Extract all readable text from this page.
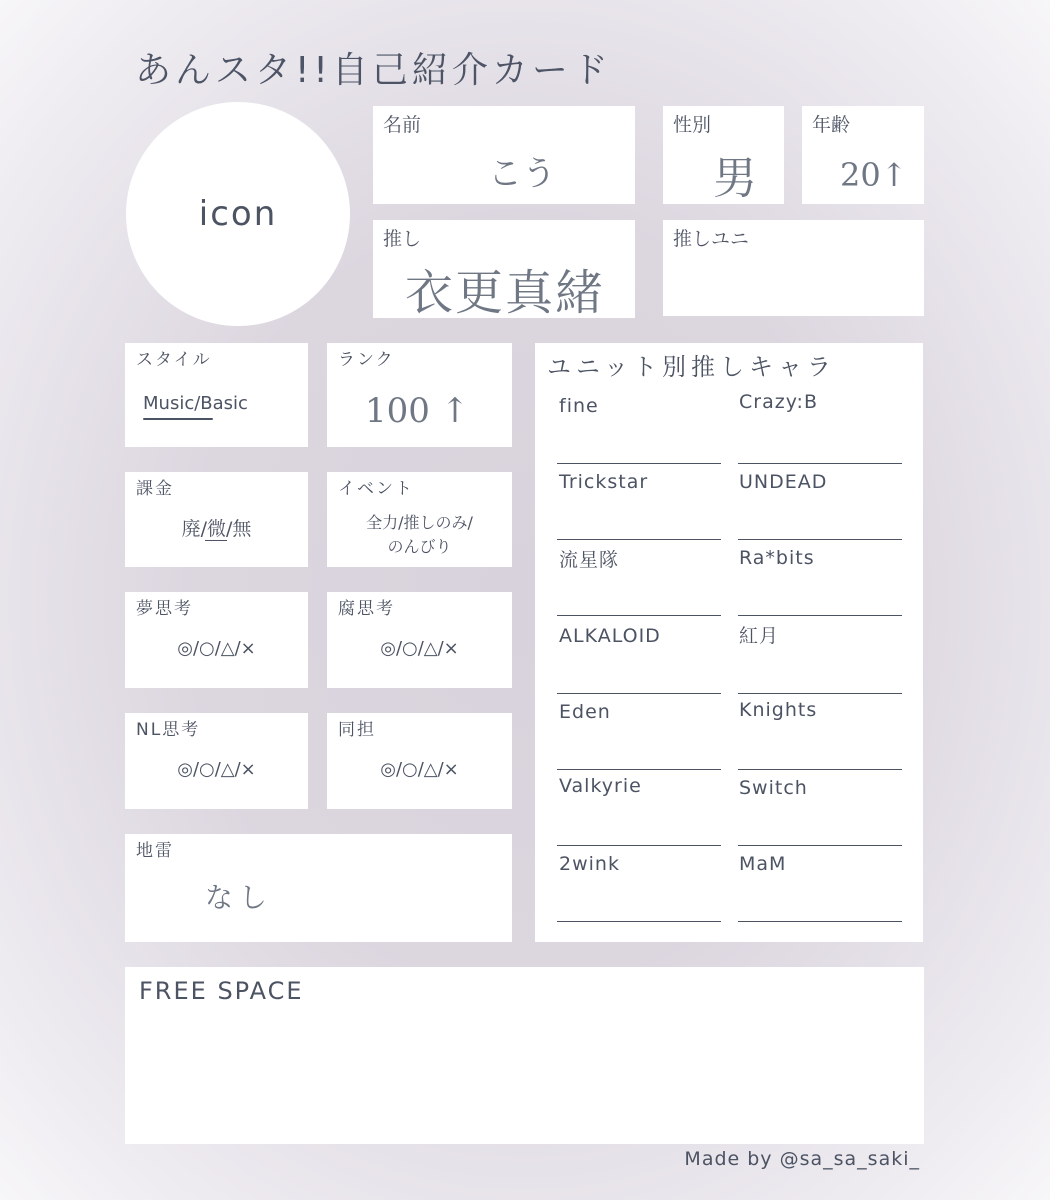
あんスタ!!自己紹介カード
icon
名前
こう
性別
男
年齢
20↑
推し
衣更真緒
推しユニ
スタイル
Music/Basic
ランク
100 ↑
課金
廃/微/無
イベント
全力/推しのみ/
のんびり
夢思考
◎/○/△/×
腐思考
◎/○/△/×
NL思考
◎/○/△/×
同担
◎/○/△/×
地雷
なし
ユニット別推しキャラ
fine
Trickstar
流星隊
ALKALOID
Eden
Valkyrie
2wink
Crazy:B
UNDEAD
Ra*bits
紅月
Knights
Switch
MaM
FREE SPACE
Made by @sa_sa_saki_
